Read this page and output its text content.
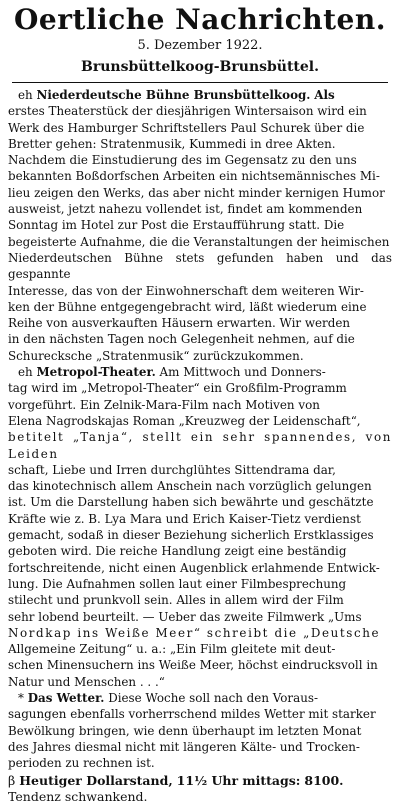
Oertliche Nachrichten.
5. Dezember 1922.
Brunsbüttelkoog-Brunsbüttel.
eh Niederdeutsche Bühne Brunsbüttelkoog. Als
erstes Theaterstück der diesjährigen Wintersaison wird ein
Werk des Hamburger Schriftstellers Paul Schurek über die
Bretter gehen: Stratenmusik, Kummedi in dree Akten.
Nachdem die Einstudierung des im Gegensatz zu den uns
bekannten Boßdorfschen Arbeiten ein nichtsemännisches Mi-
lieu zeigen den Werks, das aber nicht minder kernigen Humor
ausweist, jetzt nahezu vollendet ist, findet am kommenden
Sonntag im Hotel zur Post die Erstaufführung statt. Die
begeisterte Aufnahme, die die Veranstaltungen der heimischen
Niederdeutschen Bühne stets gefunden haben und das gespannte
Interesse, das von der Einwohnerschaft dem weiteren Wir-
ken der Bühne entgegengebracht wird, läßt wiederum eine
Reihe von ausverkauften Häusern erwarten. Wir werden
in den nächsten Tagen noch Gelegenheit nehmen, auf die
Schurecksche „Stratenmusik“ zurückzukommen.
eh Metropol-Theater. Am Mittwoch und Donners-
tag wird im „Metropol-Theater“ ein Großfilm-Programm
vorgeführt. Ein Zelnik-Mara-Film nach Motiven von
Elena Nagrodskajas Roman „Kreuzweg der Leidenschaft“,
betitelt „Tanja“, stellt ein sehr spannendes, von Leiden
schaft, Liebe und Irren durchglühtes Sittendrama dar,
das kinotechnisch allem Anschein nach vorzüglich gelungen
ist. Um die Darstellung haben sich bewährte und geschätzte
Kräfte wie z. B. Lya Mara und Erich Kaiser-Tietz verdienst
gemacht, sodaß in dieser Beziehung sicherlich Erstklassiges
geboten wird. Die reiche Handlung zeigt eine beständig
fortschreitende, nicht einen Augenblick erlahmende Entwick-
lung. Die Aufnahmen sollen laut einer Filmbesprechung
stilecht und prunkvoll sein. Alles in allem wird der Film
sehr lobend beurteilt. — Ueber das zweite Filmwerk „Ums
Nordkap ins Weiße Meer“ schreibt die „Deutsche
Allgemeine Zeitung“ u. a.: „Ein Film gleitete mit deut-
schen Minensuchern ins Weiße Meer, höchst eindrucksvoll in
Natur und Menschen . . .“
* Das Wetter. Diese Woche soll nach den Voraus-
sagungen ebenfalls vorherrschend mildes Wetter mit starker
Bewölkung bringen, wie denn überhaupt im letzten Monat
des Jahres diesmal nicht mit längeren Kälte- und Trocken-
perioden zu rechnen ist.
β Heutiger Dollarstand, 11½ Uhr mittags: 8100.
Tendenz schwankend.
